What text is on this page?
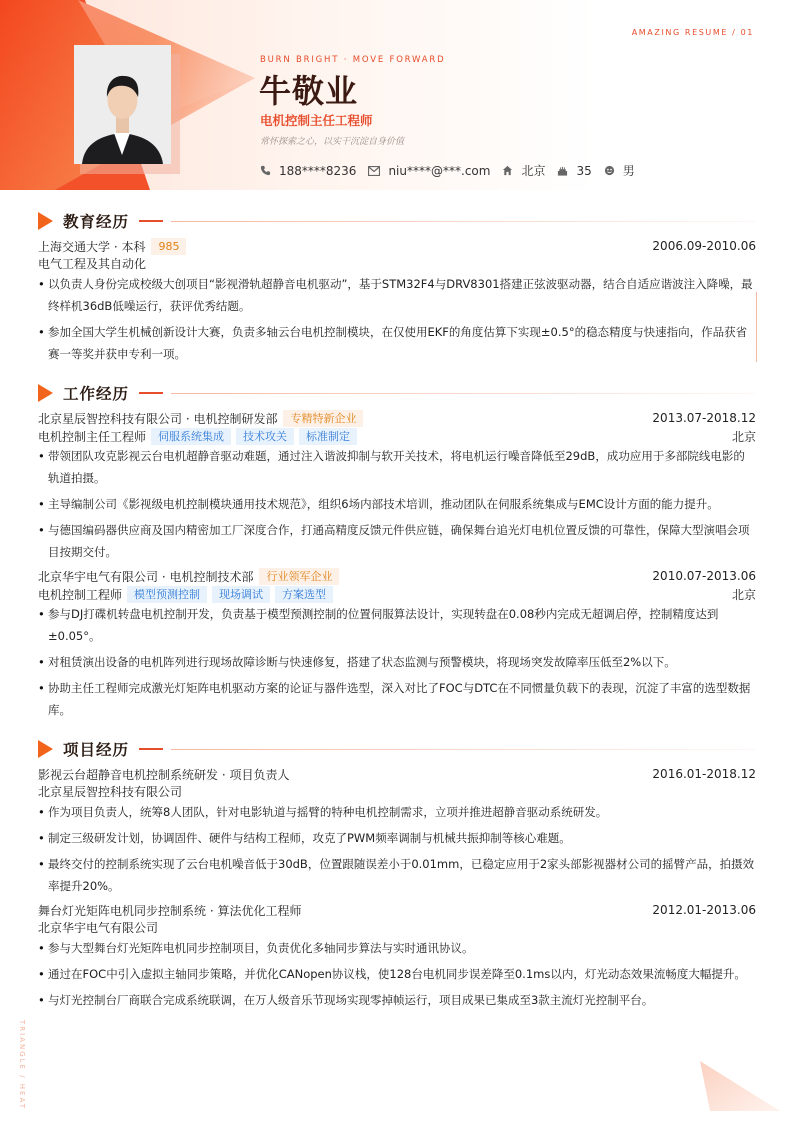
AMAZING RESUME / 01
BURN BRIGHT · MOVE FORWARD
牛敬业
电机控制主任工程师
常怀探索之心，以实干沉淀自身价值
188****8236	niu****@***.com	北京	35	男
教育经历
上海交通大学 · 本科	985	2006.09-2010.06
电气工程及其自动化
• 以负责人身份完成校级大创项目“影视滑轨超静音电机驱动”，基于STM32F4与DRV8301搭建正弦波驱动器，结合自适应谐波注入降噪，最终样机36dB低噪运行，获评优秀结题。
• 参加全国大学生机械创新设计大赛，负责多轴云台电机控制模块，在仅使用EKF的角度估算下实现±0.5°的稳态精度与快速指向，作品获省赛一等奖并获申专利一项。
工作经历
北京星辰智控科技有限公司 · 电机控制研发部	专精特新企业	2013.07-2018.12
电机控制主任工程师	伺服系统集成	技术攻关	标准制定	北京
• 带领团队攻克影视云台电机超静音驱动难题，通过注入谐波抑制与软开关技术，将电机运行噪音降低至29dB，成功应用于多部院线电影的轨道拍摄。
• 主导编制公司《影视级电机控制模块通用技术规范》，组织6场内部技术培训，推动团队在伺服系统集成与EMC设计方面的能力提升。
• 与德国编码器供应商及国内精密加工厂深度合作，打通高精度反馈元件供应链，确保舞台追光灯电机位置反馈的可靠性，保障大型演唱会项目按期交付。
北京华宇电气有限公司 · 电机控制技术部	行业领军企业	2010.07-2013.06
电机控制工程师	模型预测控制	现场调试	方案选型	北京
• 参与DJ打碟机转盘电机控制开发，负责基于模型预测控制的位置伺服算法设计，实现转盘在0.08秒内完成无超调启停，控制精度达到±0.05°。
• 对租赁演出设备的电机阵列进行现场故障诊断与快速修复，搭建了状态监测与预警模块，将现场突发故障率压低至2%以下。
• 协助主任工程师完成激光灯矩阵电机驱动方案的论证与器件选型，深入对比了FOC与DTC在不同惯量负载下的表现，沉淀了丰富的选型数据库。
项目经历
影视云台超静音电机控制系统研发 · 项目负责人	2016.01-2018.12
北京星辰智控科技有限公司
• 作为项目负责人，统筹8人团队，针对电影轨道与摇臂的特种电机控制需求，立项并推进超静音驱动系统研发。
• 制定三级研发计划，协调固件、硬件与结构工程师，攻克了PWM频率调制与机械共振抑制等核心难题。
• 最终交付的控制系统实现了云台电机噪音低于30dB，位置跟随误差小于0.01mm，已稳定应用于2家头部影视器材公司的摇臂产品，拍摄效率提升20%。
舞台灯光矩阵电机同步控制系统 · 算法优化工程师	2012.01-2013.06
北京华宇电气有限公司
• 参与大型舞台灯光矩阵电机同步控制项目，负责优化多轴同步算法与实时通讯协议。
• 通过在FOC中引入虚拟主轴同步策略，并优化CANopen协议栈，使128台电机同步误差降至0.1ms以内，灯光动态效果流畅度大幅提升。
• 与灯光控制台厂商联合完成系统联调，在万人级音乐节现场实现零掉帧运行，项目成果已集成至3款主流灯光控制平台。
TRIANGLE / HEAT
